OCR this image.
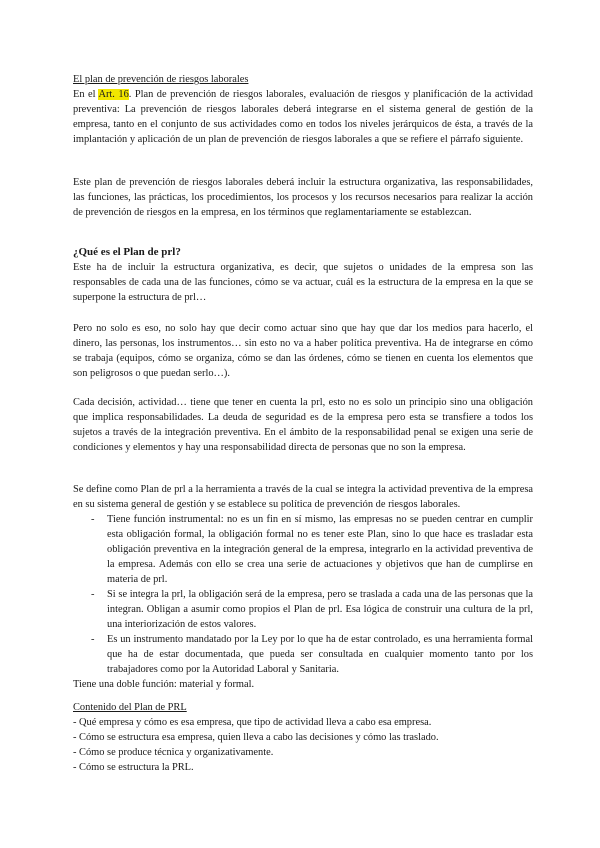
El plan de prevención de riesgos laborales

En el Art. 16. Plan de prevención de riesgos laborales, evaluación de riesgos y planificación de la actividad preventiva: La prevención de riesgos laborales deberá integrarse en el sistema general de gestión de la empresa, tanto en el conjunto de sus actividades como en todos los niveles jerárquicos de ésta, a través de la implantación y aplicación de un plan de prevención de riesgos laborales a que se refiere el párrafo siguiente.

Este plan de prevención de riesgos laborales deberá incluir la estructura organizativa, las responsabilidades, las funciones, las prácticas, los procedimientos, los procesos y los recursos necesarios para realizar la acción de prevención de riesgos en la empresa, en los términos que reglamentariamente se establezcan.

¿Qué es el Plan de prl?

Este ha de incluir la estructura organizativa, es decir, que sujetos o unidades de la empresa son las responsables de cada una de las funciones, cómo se va actuar, cuál es la estructura de la empresa en la que se superpone la estructura de prl…

Pero no solo es eso, no solo hay que decir como actuar sino que hay que dar los medios para hacerlo, el dinero, las personas, los instrumentos… sin esto no va a haber política preventiva. Ha de integrarse en cómo se trabaja (equipos, cómo se organiza, cómo se dan las órdenes, cómo se tienen en cuenta los elementos que son peligrosos o que puedan serlo…).

Cada decisión, actividad… tiene que tener en cuenta la prl, esto no es solo un principio sino una obligación que implica responsabilidades. La deuda de seguridad es de la empresa pero esta se transfiere a todos los sujetos a través de la integración preventiva. En el ámbito de la responsabilidad penal se exigen una serie de condiciones y elementos y hay una responsabilidad directa de personas que no son la empresa.

Se define como Plan de prl a la herramienta a través de la cual se integra la actividad preventiva de la empresa en su sistema general de gestión y se establece su política de prevención de riesgos laborales.

- Tiene función instrumental: no es un fin en sí mismo, las empresas no se pueden centrar en cumplir esta obligación formal, la obligación formal no es tener este Plan, sino lo que hace es trasladar esta obligación preventiva en la integración general de la empresa, integrarlo en la actividad preventiva de la empresa. Además con ello se crea una serie de actuaciones y objetivos que han de cumplirse en materia de prl.
- Si se integra la prl, la obligación será de la empresa, pero se traslada a cada una de las personas que la integran. Obligan a asumir como propios el Plan de prl. Esa lógica de construir una cultura de la prl, una interiorización de estos valores.
- Es un instrumento mandatado por la Ley por lo que ha de estar controlado, es una herramienta formal que ha de estar documentada, que pueda ser consultada en cualquier momento tanto por los trabajadores como por la Autoridad Laboral y Sanitaria.

Tiene una doble función: material y formal.

Contenido del Plan de PRL

- Qué empresa y cómo es esa empresa, que tipo de actividad lleva a cabo esa empresa.

- Cómo se estructura esa empresa, quien lleva a cabo las decisiones y cómo las traslado.

- Cómo se produce técnica y organizativamente.

- Cómo se estructura la PRL.
